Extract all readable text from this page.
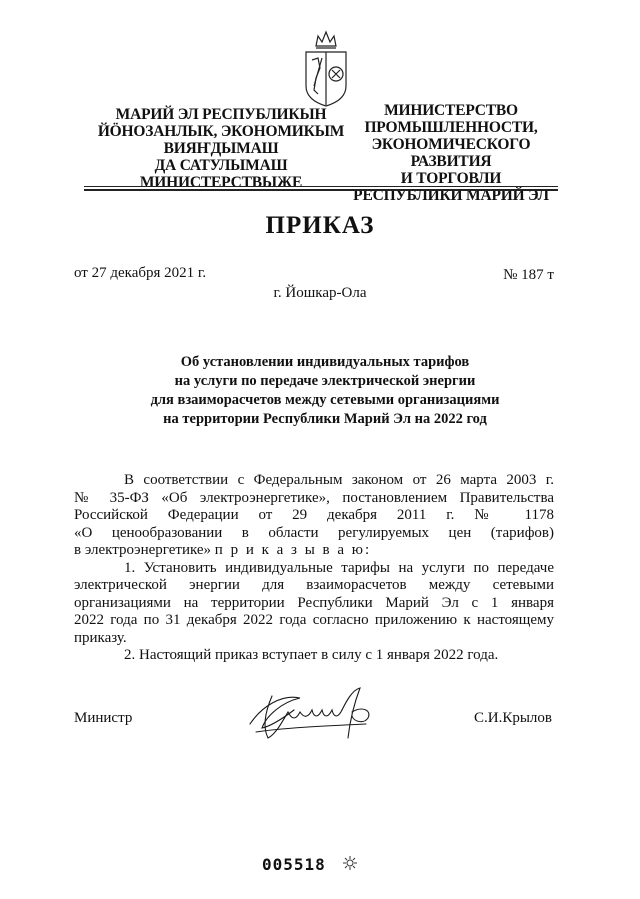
МАРИЙ ЭЛ РЕСПУБЛИКЫН
ЙӦНОЗАНЛЫК, ЭКОНОМИКЫМ
ВИЯҤДЫМАШ
ДА САТУЛЫМАШ
МИНИСТЕРСТВЫЖЕ
МИНИСТЕРСТВО
ПРОМЫШЛЕННОСТИ,
ЭКОНОМИЧЕСКОГО РАЗВИТИЯ
И ТОРГОВЛИ
РЕСПУБЛИКИ МАРИЙ ЭЛ
ПРИКАЗ
от 27 декабря 2021 г.	№ 187 т
г. Йошкар-Ола
Об установлении индивидуальных тарифов
на услуги по передаче электрической энергии
для взаиморасчетов между сетевыми организациями
на территории Республики Марий Эл на 2022 год

В соответствии с Федеральным законом от 26 марта 2003 г.

№ 35-ФЗ «Об электроэнергетике», постановлением Правительства

Российской Федерации от 29 декабря 2011 г. № 1178

«О ценообразовании в области регулируемых цен (тарифов)

в электроэнергетике» п р и к а з ы в а ю:

1. Установить индивидуальные тарифы на услуги по передаче

электрической энергии для взаиморасчетов между сетевыми

организациями на территории Республики Марий Эл с 1 января

2022 года по 31 декабря 2022 года согласно приложению к настоящему

приказу.

2. Настоящий приказ вступает в силу с 1 января 2022 года.

Министр	С.И.Крылов
005518
